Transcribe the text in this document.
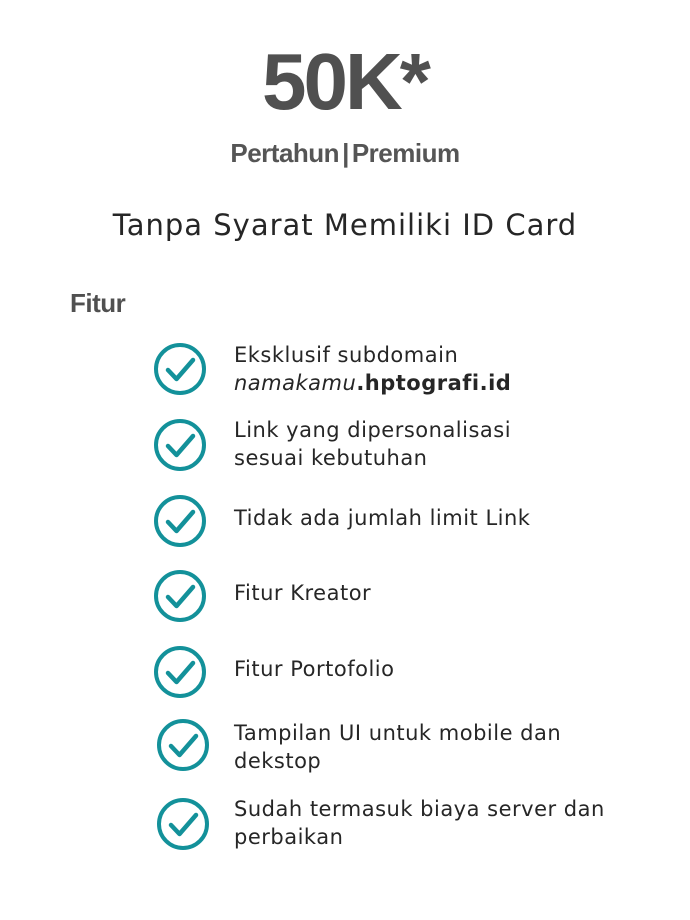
50K*
Pertahun | Premium
Tanpa Syarat Memiliki ID Card
Fitur
Eksklusif subdomain
namakamu.hptografi.id
Link yang dipersonalisasi
sesuai kebutuhan
Tidak ada jumlah limit Link
Fitur Kreator
Fitur Portofolio
Tampilan UI untuk mobile dan
dekstop
Sudah termasuk biaya server dan
perbaikan
